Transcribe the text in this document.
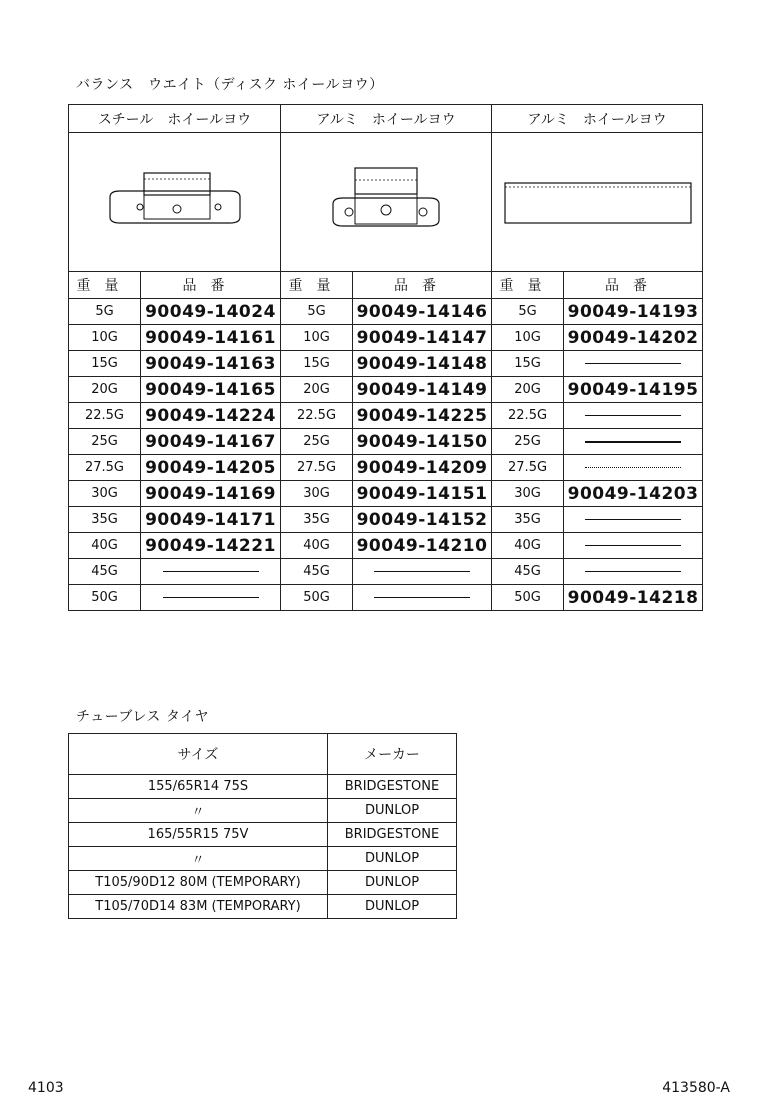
バランス　ウエイト（ディスク ホイールヨウ）
スチール　ホイールヨウ		アルミ　ホイールヨウ		アルミ　ホイールヨウ	

重量	品番	重量	品番	重量	品番
5G	90049-14024	5G	90049-14146	5G	90049-14193
10G	90049-14161	10G	90049-14147	10G	90049-14202
15G	90049-14163	15G	90049-14148	15G	
20G	90049-14165	20G	90049-14149	20G	90049-14195
22.5G	90049-14224	22.5G	90049-14225	22.5G	
25G	90049-14167	25G	90049-14150	25G	
27.5G	90049-14205	27.5G	90049-14209	27.5G	
30G	90049-14169	30G	90049-14151	30G	90049-14203
35G	90049-14171	35G	90049-14152	35G	
40G	90049-14221	40G	90049-14210	40G	
45G		45G		45G	
50G		50G		50G	90049-14218
チューブレス タイヤ
サイズ	メーカー
155/65R14 75S	BRIDGESTONE
〃	DUNLOP
165/55R15 75V	BRIDGESTONE
〃	DUNLOP
T105/90D12 80M (TEMPORARY)	DUNLOP
T105/70D14 83M (TEMPORARY)	DUNLOP
4103	413580-A
